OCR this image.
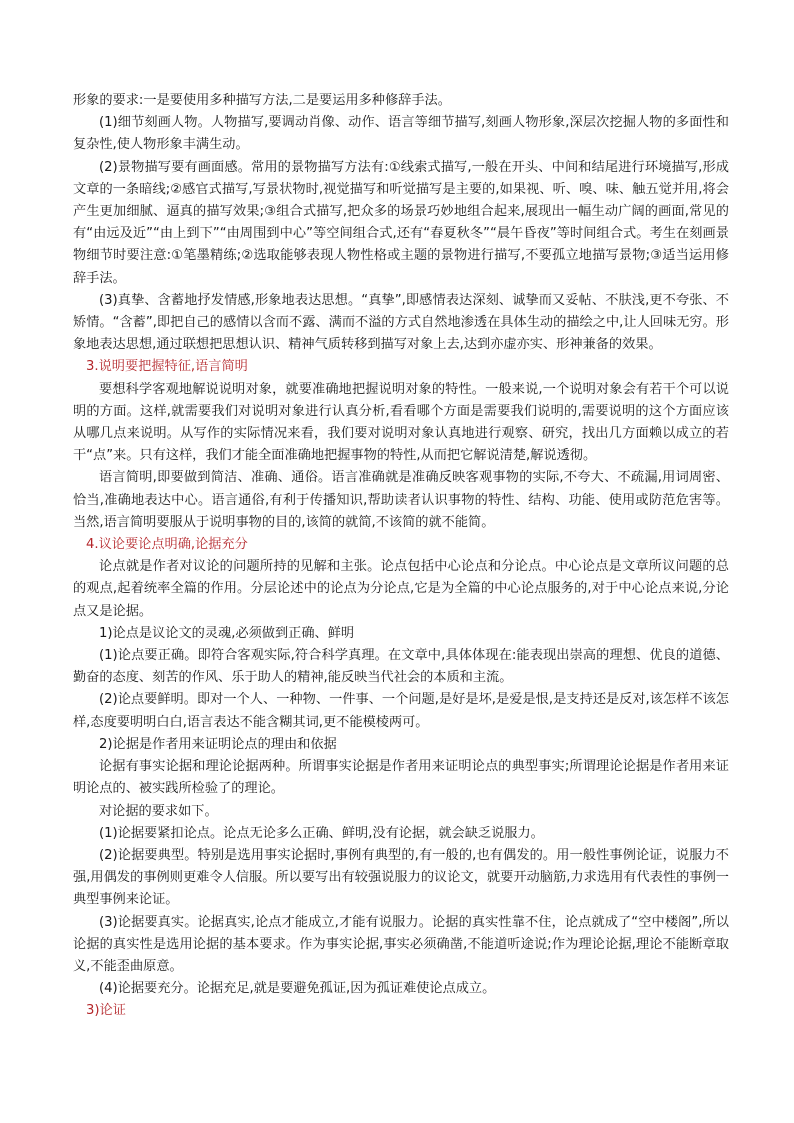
形象的要求:一是要使用多种描写方法,二是要运用多种修辞手法。

(1)细节刻画人物。人物描写,要调动肖像、动作、语言等细节描写,刻画人物形象,深层次挖掘人物的多面性和复杂性,使人物形象丰满生动。

(2)景物描写要有画面感。常用的景物描写方法有:①线索式描写,一般在开头、中间和结尾进行环境描写,形成文章的一条暗线;②感官式描写,写景状物时,视觉描写和听觉描写是主要的,如果视、听、嗅、味、触五觉并用,将会产生更加细腻、逼真的描写效果;③组合式描写,把众多的场景巧妙地组合起来,展现出一幅生动广阔的画面,常见的有“由远及近”“由上到下”“由周围到中心”等空间组合式,还有“春夏秋冬”“晨午昏夜”等时间组合式。考生在刻画景物细节时要注意:①笔墨精练;②选取能够表现人物性格或主题的景物进行描写,不要孤立地描写景物;③适当运用修辞手法。

(3)真挚、含蓄地抒发情感,形象地表达思想。“真挚”,即感情表达深刻、诚挚而又妥帖、不肤浅,更不夸张、不矫情。“含蓄”,即把自己的感情以含而不露、满而不溢的方式自然地渗透在具体生动的描绘之中,让人回味无穷。形象地表达思想,通过联想把思想认识、精神气质转移到描写对象上去,达到亦虚亦实、形神兼备的效果。

3.说明要把握特征,语言简明

要想科学客观地解说说明对象，就要准确地把握说明对象的特性。一般来说,一个说明对象会有若干个可以说明的方面。这样,就需要我们对说明对象进行认真分析,看看哪个方面是需要我们说明的,需要说明的这个方面应该从哪几点来说明。从写作的实际情况来看，我们要对说明对象认真地进行观察、研究，找出几方面赖以成立的若干“点”来。只有这样，我们才能全面准确地把握事物的特性,从而把它解说清楚,解说透彻。

语言简明,即要做到简洁、准确、通俗。语言准确就是准确反映客观事物的实际,不夸大、不疏漏,用词周密、恰当,准确地表达中心。语言通俗,有利于传播知识,帮助读者认识事物的特性、结构、功能、使用或防范危害等。当然,语言简明要服从于说明事物的目的,该简的就简,不该简的就不能简。

4.议论要论点明确,论据充分

论点就是作者对议论的问题所持的见解和主张。论点包括中心论点和分论点。中心论点是文章所议问题的总的观点,起着统率全篇的作用。分层论述中的论点为分论点,它是为全篇的中心论点服务的,对于中心论点来说,分论点又是论据。

1)论点是议论文的灵魂,必须做到正确、鲜明

(1)论点要正确。即符合客观实际,符合科学真理。在文章中,具体体现在:能表现出崇高的理想、优良的道德、勤奋的态度、刻苦的作风、乐于助人的精神,能反映当代社会的本质和主流。

(2)论点要鲜明。即对一个人、一种物、一件事、一个问题,是好是坏,是爱是恨,是支持还是反对,该怎样不该怎样,态度要明明白白,语言表达不能含糊其词,更不能模棱两可。

2)论据是作者用来证明论点的理由和依据

论据有事实论据和理论论据两种。所谓事实论据是作者用来证明论点的典型事实;所谓理论论据是作者用来证明论点的、被实践所检验了的理论。

对论据的要求如下。

(1)论据要紧扣论点。论点无论多么正确、鲜明,没有论据，就会缺乏说服力。

(2)论据要典型。特别是选用事实论据时,事例有典型的,有一般的,也有偶发的。用一般性事例论证，说服力不强,用偶发的事例则更难令人信服。所以要写出有较强说服力的议论文，就要开动脑筋,力求选用有代表性的事例一典型事例来论证。

(3)论据要真实。论据真实,论点才能成立,才能有说服力。论据的真实性靠不住，论点就成了“空中楼阁”,所以论据的真实性是选用论据的基本要求。作为事实论据,事实必须确凿,不能道听途说;作为理论论据,理论不能断章取义,不能歪曲原意。

(4)论据要充分。论据充足,就是要避免孤证,因为孤证难使论点成立。

3)论证
